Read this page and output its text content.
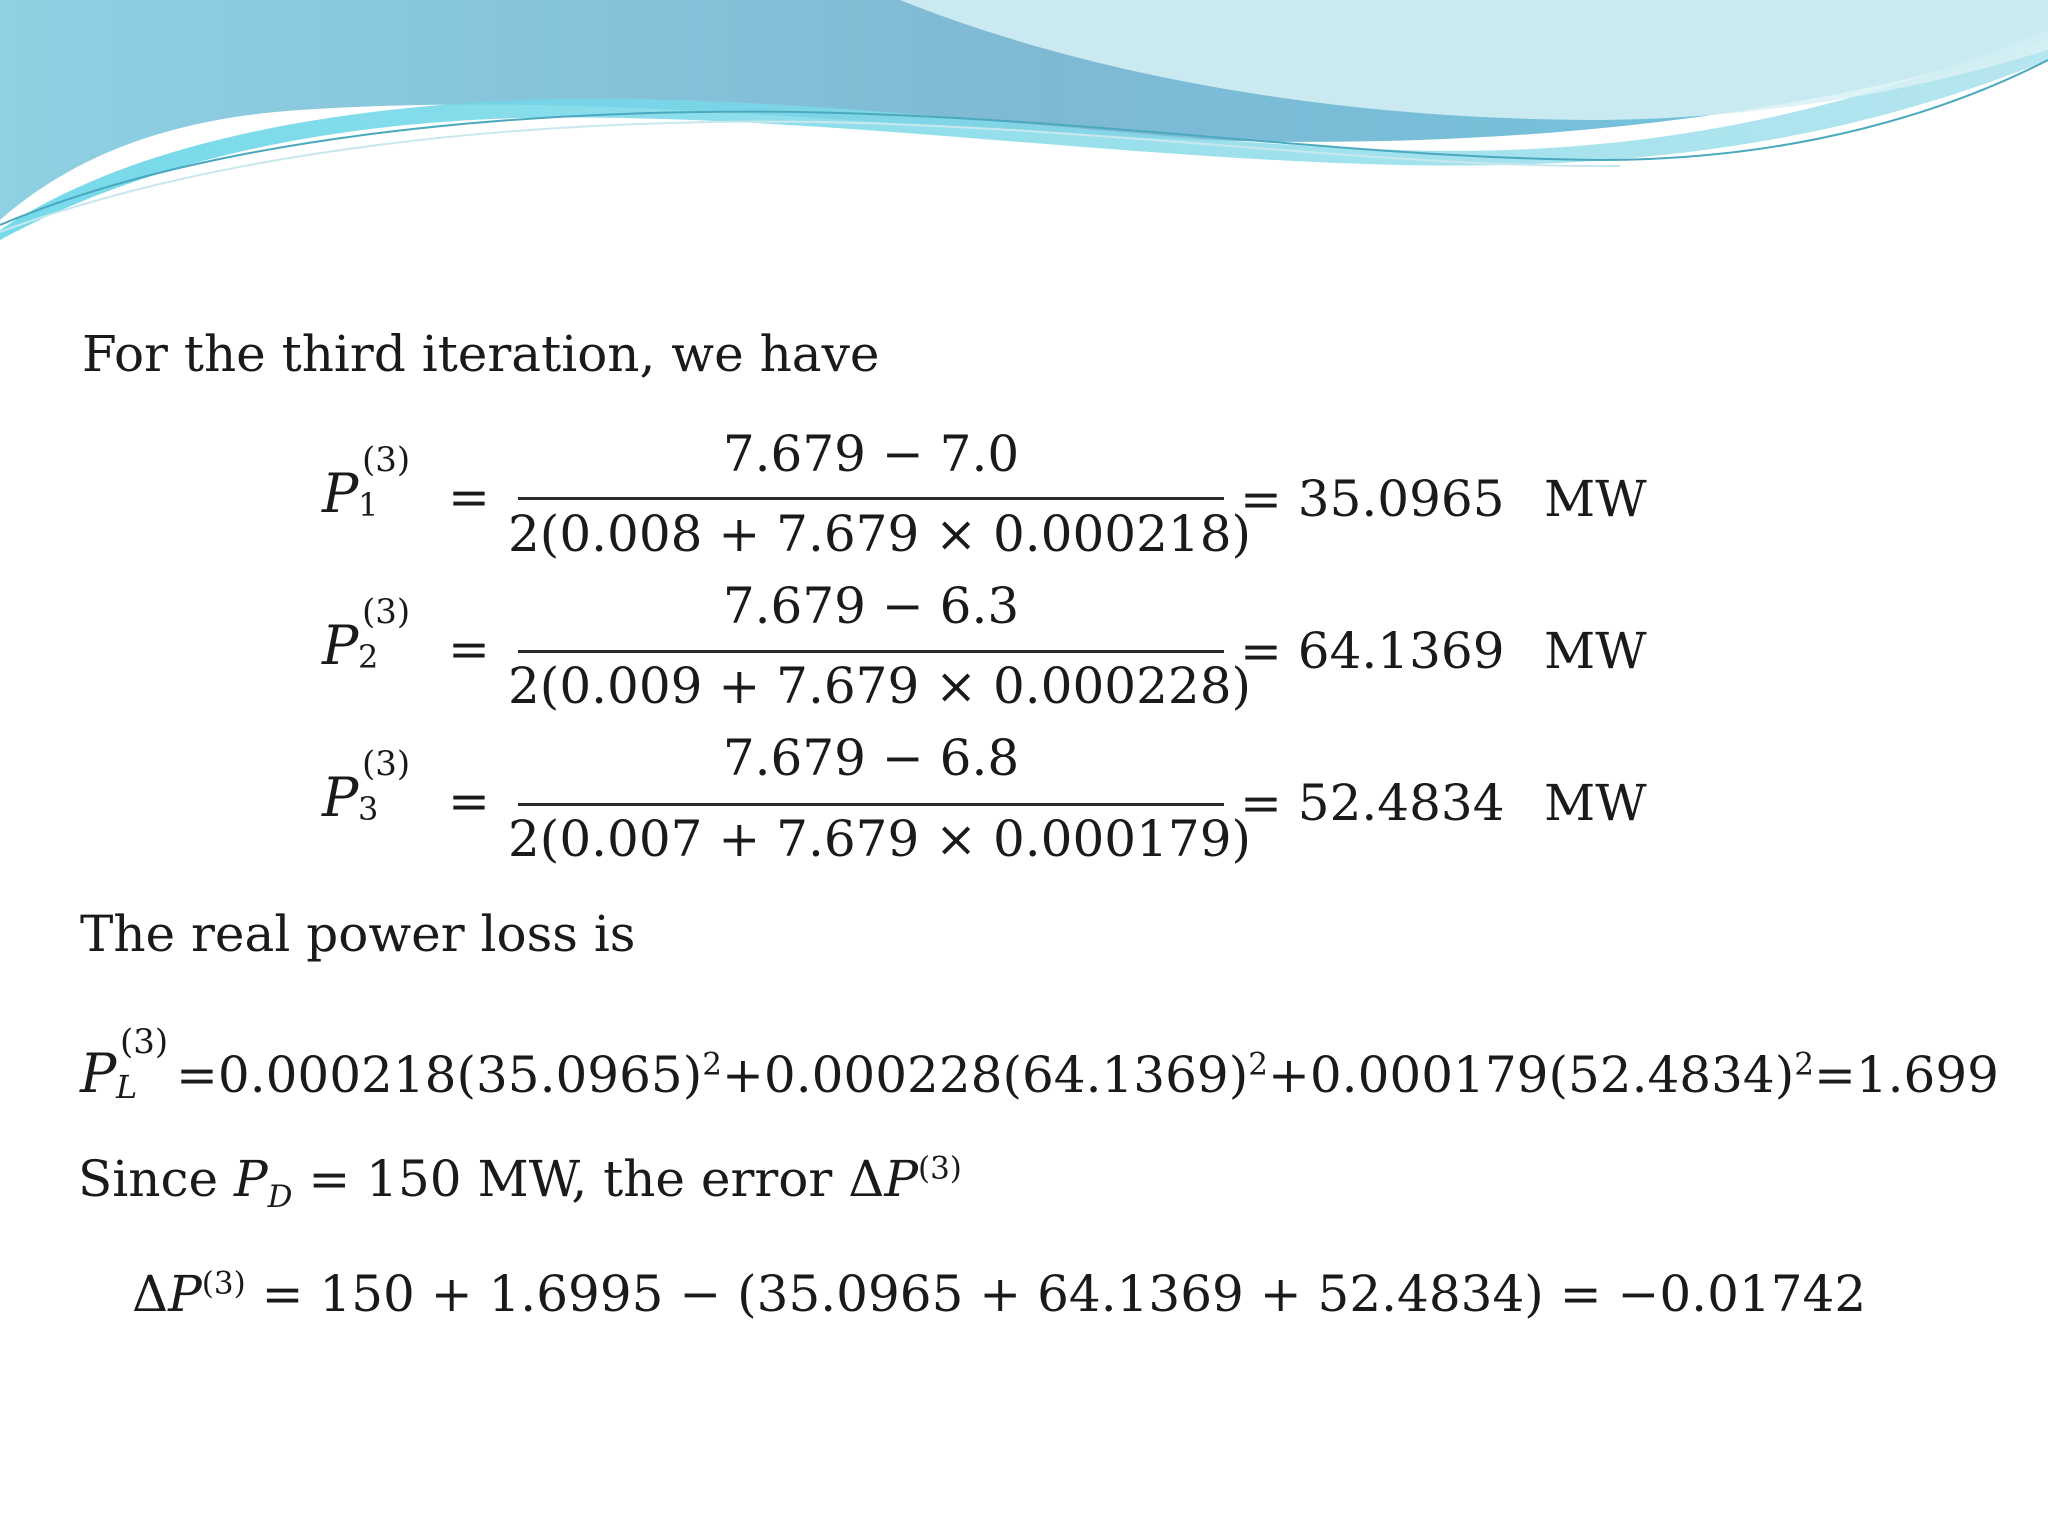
For the third iteration, we have
P
(3)
1 =
7.679 − 7.0
2(0.008 + 7.679 × 0.000218)
= 35.0965 MW
P
(3)
2 =
7.679 − 6.3
2(0.009 + 7.679 × 0.000228)
= 64.1369 MW
P
(3)
3 =
7.679 − 6.8
2(0.007 + 7.679 × 0.000179)
= 52.4834 MW
The real power loss is
P (3)
$L =0.000218(35.0965)^2+0.000228(64.1369)^2+0.000179(52.4834)^2=1.699$
Since $P_D = 150$ MW, the error ΔP$^{(3)}$
$\Delta P^{(3)} = 150 + 1.6995 - (35.0965 + 64.1369 + 52.4834) = -0.01742$
